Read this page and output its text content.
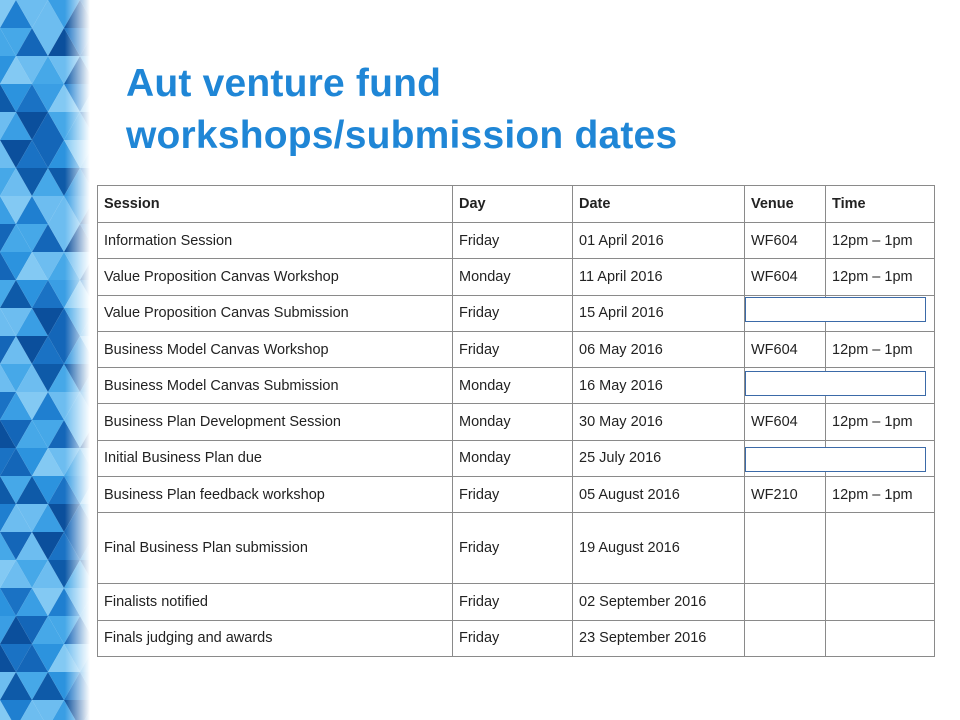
Aut venture fund
workshops/submission dates
Session	Day	Date	Venue	Time
Information Session	Friday	01 April 2016	WF604	12pm – 1pm
Value Proposition Canvas Workshop	Monday	11 April 2016	WF604	12pm – 1pm
Value Proposition Canvas Submission	Friday	15 April 2016		
Business Model Canvas Workshop	Friday	06 May 2016	WF604	12pm – 1pm
Business Model Canvas Submission	Monday	16 May 2016		
Business Plan Development Session	Monday	30 May 2016	WF604	12pm – 1pm
Initial Business Plan due	Monday	25 July 2016		
Business Plan feedback workshop	Friday	05 August 2016	WF210	12pm – 1pm
Final Business Plan submission	Friday	19 August 2016		
Finalists notified	Friday	02 September 2016		
Finals judging and awards	Friday	23 September 2016		
